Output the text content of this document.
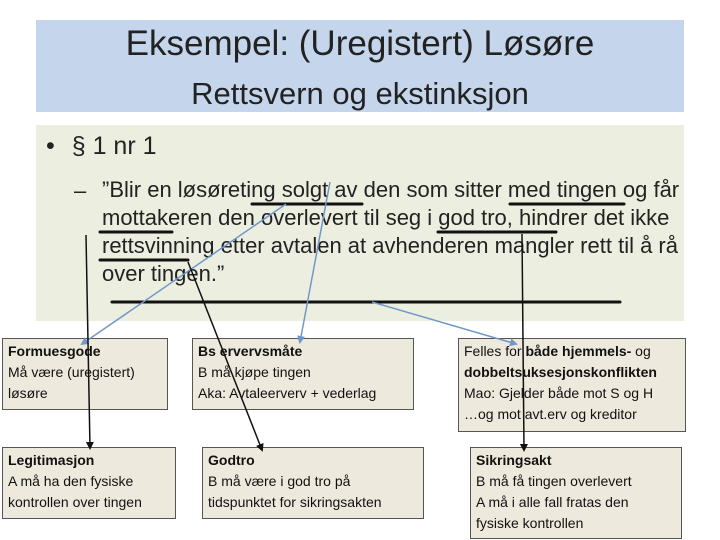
Eksempel: (Uregistert) Løsøre
Rettsvern og ekstinksjon
• § 1 nr 1
– ”Blir en løsøreting solgt av den som sitter med tingen og får mottakeren den overlevert til seg i god tro, hindrer det ikke rettsvinning etter avtalen at avhenderen mangler rett til å rå over tingen.”
Formuesgode
Må være (uregistert)
løsøre
Bs ervervsmåte
B må kjøpe tingen
Aka: Avtaleerverv + vederlag
Felles for både hjemmels- og
dobbeltsuksesjonskonflikten
Mao: Gjelder både mot S og H
…og mot avt.erv og kreditor
Legitimasjon
A må ha den fysiske
kontrollen over tingen
Godtro
B må være i god tro på
tidspunktet for sikringsakten
Sikringsakt
B må få tingen overlevert
A må i alle fall fratas den
fysiske kontrollen
